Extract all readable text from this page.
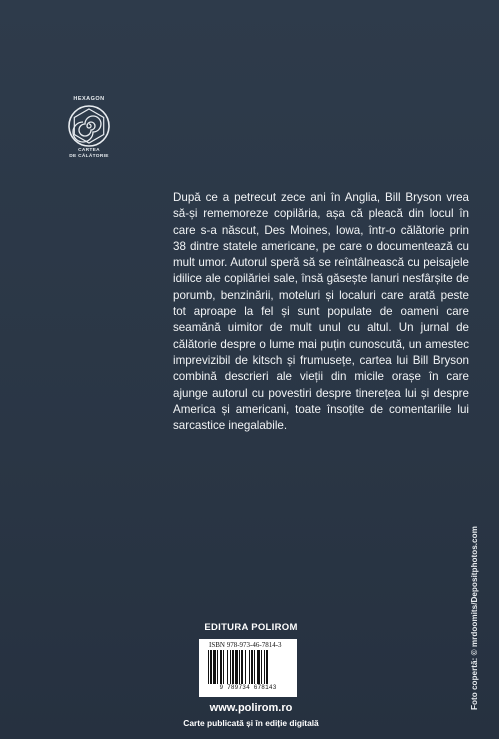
HEXAGON
CARTEA
DE CĂLĂTORIE

După ce a petrecut zece ani în Anglia, Bill Bryson vrea să-și rememoreze copilăria, așa că pleacă din locul în care s-a născut, Des Moines, Iowa, într-o călătorie prin 38 dintre statele americane, pe care o documentează cu mult umor. Autorul speră să se reîntâlnească cu peisajele idilice ale copilăriei sale, însă găsește lanuri nesfârșite de porumb, benzinării, moteluri și localuri care arată peste tot aproape la fel și sunt populate de oameni care seamănă uimitor de mult unul cu altul. Un jurnal de călătorie despre o lume mai puțin cunoscută, un amestec imprevizibil de kitsch și frumusețe, cartea lui Bill Bryson combină descrieri ale vieții din micile orașe în care ajunge autorul cu povestiri despre tinerețea lui și despre America și americani, toate însoțite de comentariile lui sarcastice inegalabile.

EDITURA POLIROM
ISBN 978-973-46-7814-3
9 789734 678143
www.polirom.ro
Carte publicată și în ediție digitală
Foto copertă: © mrdoomits/Depositphotos.com
